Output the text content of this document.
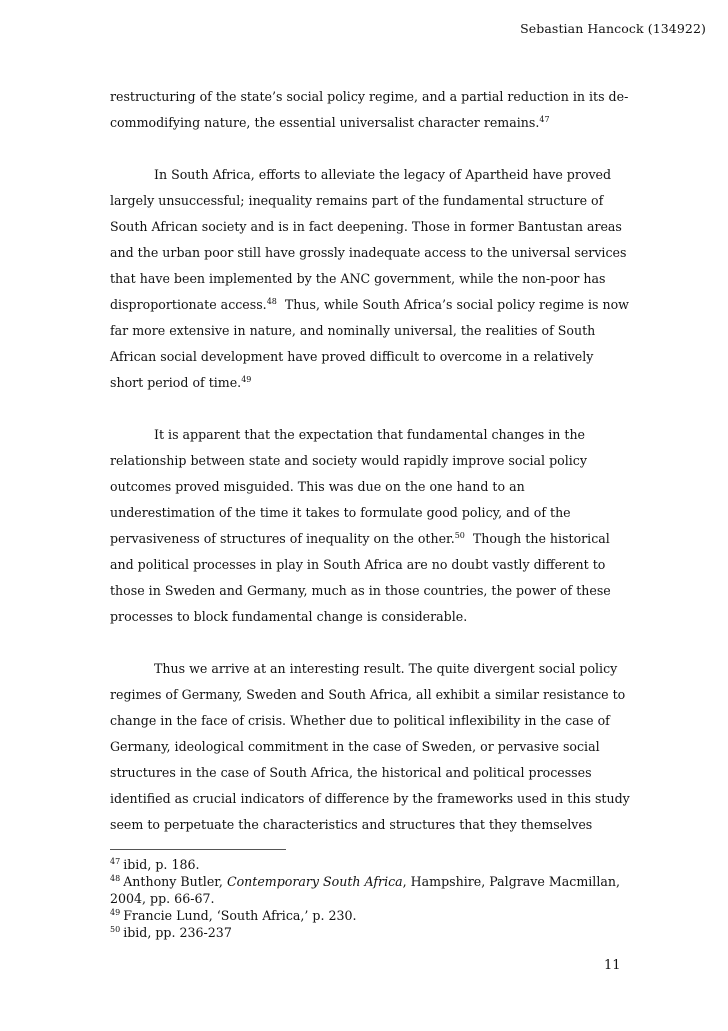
Sebastian Hancock (134922)
restructuring of the state’s social policy regime, and a partial reduction in its de-
commodifying nature, the essential universalist character remains.$^{47}$
In South Africa, efforts to alleviate the legacy of Apartheid have proved
largely unsuccessful; inequality remains part of the fundamental structure of
South African society and is in fact deepening. Those in former Bantustan areas
and the urban poor still have grossly inadequate access to the universal services
that have been implemented by the ANC government, while the non-poor has
disproportionate access.$^{48}$  Thus, while South Africa’s social policy regime is now
far more extensive in nature, and nominally universal, the realities of South
African social development have proved difficult to overcome in a relatively
short period of time.$^{49}$
It is apparent that the expectation that fundamental changes in the
relationship between state and society would rapidly improve social policy
outcomes proved misguided. This was due on the one hand to an
underestimation of the time it takes to formulate good policy, and of the
pervasiveness of structures of inequality on the other.$^{50}$  Though the historical
and political processes in play in South Africa are no doubt vastly different to
those in Sweden and Germany, much as in those countries, the power of these
processes to block fundamental change is considerable.
Thus we arrive at an interesting result. The quite divergent social policy
regimes of Germany, Sweden and South Africa, all exhibit a similar resistance to
change in the face of crisis. Whether due to political inflexibility in the case of
Germany, ideological commitment in the case of Sweden, or pervasive social
structures in the case of South Africa, the historical and political processes
identified as crucial indicators of difference by the frameworks used in this study
seem to perpetuate the characteristics and structures that they themselves
$^{47}$ ibid, p. 186.
$^{48}$ Anthony Butler, Contemporary South Africa, Hampshire, Palgrave Macmillan,
2004, pp. 66-67.
$^{49}$ Francie Lund, ‘South Africa,’ p. 230.
$^{50}$ ibid, pp. 236-237
11
